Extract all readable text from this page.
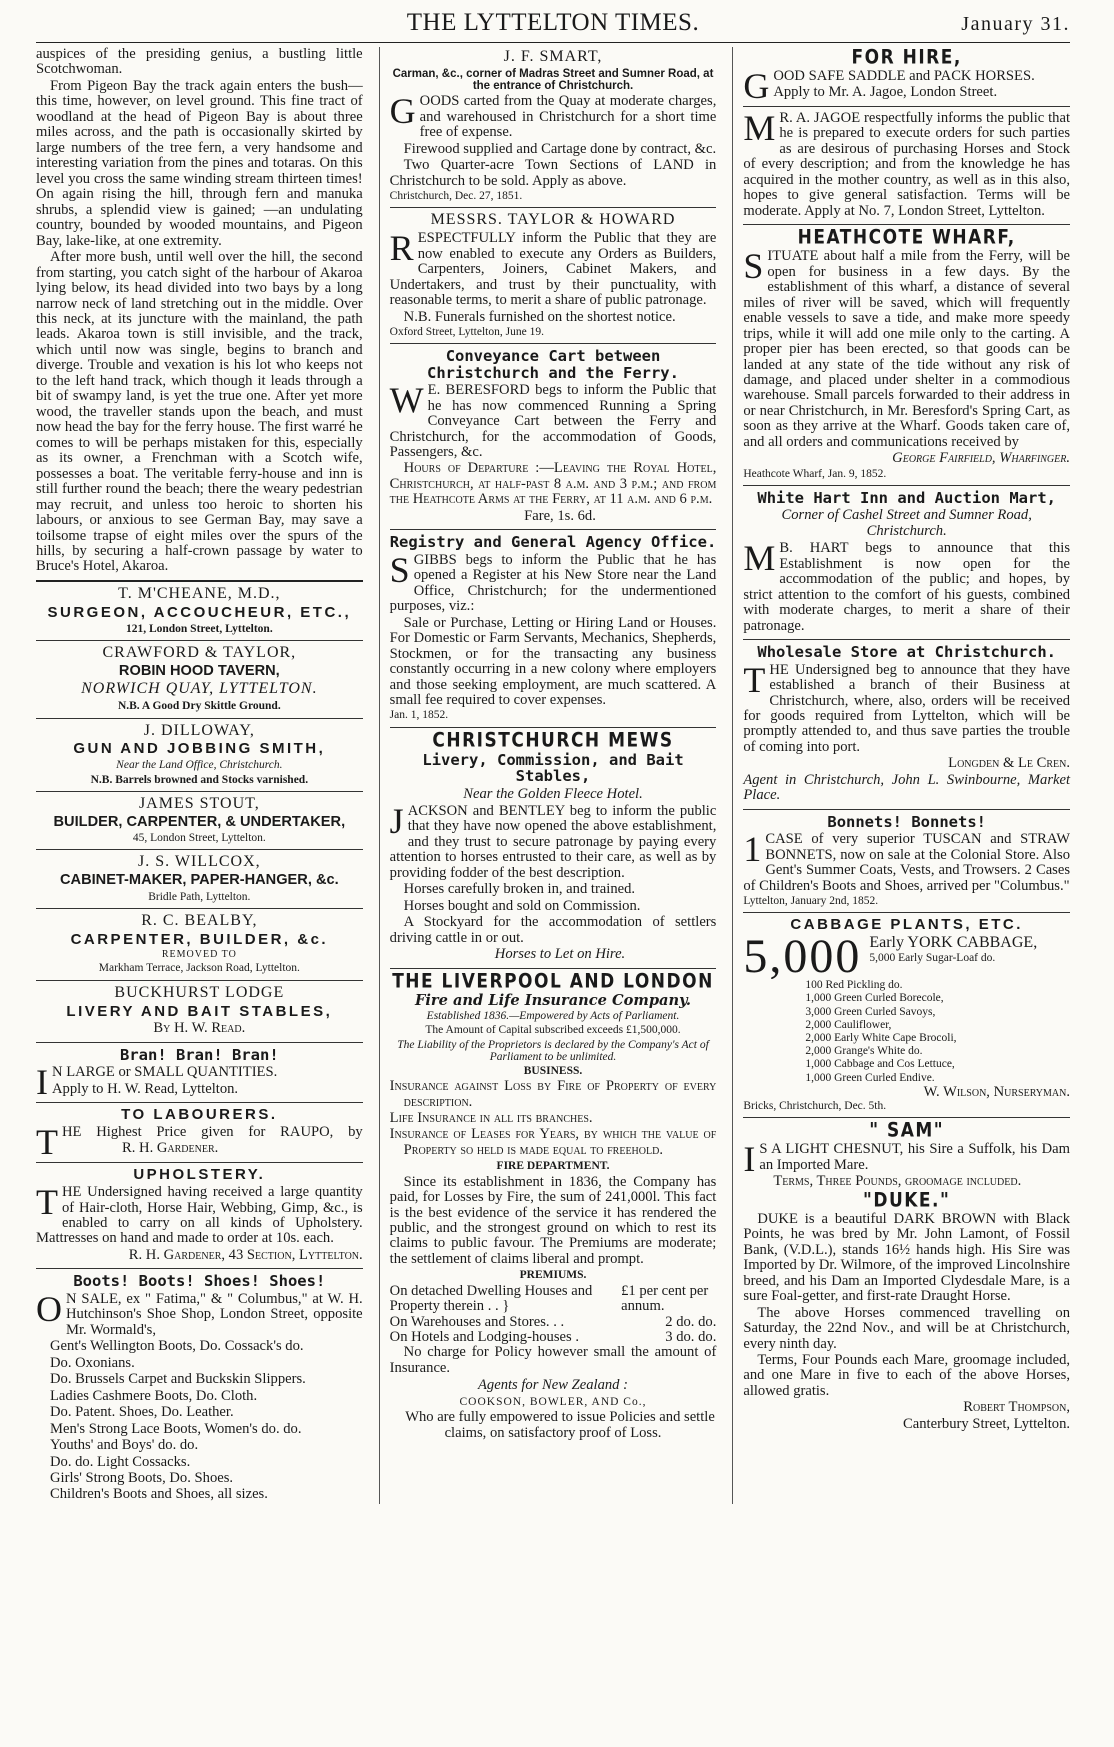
THE LYTTELTON TIMES.	January 31.

auspices of the presiding genius, a bustling little Scotchwoman.

From Pigeon Bay the track again enters the bush—this time, however, on level ground. This fine tract of woodland at the head of Pigeon Bay is about three miles across, and the path is occasionally skirted by large numbers of the tree fern, a very handsome and interesting variation from the pines and totaras. On this level you cross the same winding stream thirteen times! On again rising the hill, through fern and manuka shrubs, a splendid view is gained; —an undulating country, bounded by wooded mountains, and Pigeon Bay, lake-like, at one extremity.

After more bush, until well over the hill, the second from starting, you catch sight of the harbour of Akaroa lying below, its head divided into two bays by a long narrow neck of land stretching out in the middle. Over this neck, at its juncture with the mainland, the path leads. Akaroa town is still invisible, and the track, which until now was single, begins to branch and diverge. Trouble and vexation is his lot who keeps not to the left hand track, which though it leads through a bit of swampy land, is yet the true one. After yet more wood, the traveller stands upon the beach, and must now head the bay for the ferry house. The first warré he comes to will be perhaps mistaken for this, especially as its owner, a Frenchman with a Scotch wife, possesses a boat. The veritable ferry-house and inn is still further round the beach; there the weary pedestrian may recruit, and unless too heroic to shorten his labours, or anxious to see German Bay, may save a toilsome trapse of eight miles over the spurs of the hills, by securing a half-crown passage by water to Bruce's Hotel, Akaroa.

T. M'CHEANE, M.D.,
SURGEON, ACCOUCHEUR, ETC.,
121, London Street, Lyttelton.
CRAWFORD & TAYLOR,
ROBIN HOOD TAVERN,
NORWICH QUAY, LYTTELTON.
N.B. A Good Dry Skittle Ground.
J. DILLOWAY,
GUN AND JOBBING SMITH,
Near the Land Office, Christchurch.
N.B. Barrels browned and Stocks varnished.
JAMES STOUT,
BUILDER, CARPENTER, & UNDERTAKER,
45, London Street, Lyttelton.
J. S. WILLCOX,
CABINET-MAKER, PAPER-HANGER, &c.
Bridle Path, Lyttelton.
R. C. BEALBY,
CARPENTER, BUILDER, &c.
REMOVED TO
Markham Terrace, Jackson Road, Lyttelton.
BUCKHURST LODGE
LIVERY AND BAIT STABLES,
By H. W. Read.
Bran! Bran! Bran!

I N LARGE or SMALL QUANTITIES.

Apply to H. W. Read, Lyttelton.

TO LABOURERS.

THE Highest Price given for RAUPO, by R. H. Gardener.

UPHOLSTERY.

THE Undersigned having received a large quantity of Hair-cloth, Horse Hair, Webbing, Gimp, &c., is enabled to carry on all kinds of Upholstery. Mattresses on hand and made to order at 10s. each.

R. H. Gardener, 43 Section, Lyttelton.

Boots! Boots! Shoes! Shoes!

O N SALE, ex " Fatima," & " Columbus," at W. H. Hutchinson's Shoe Shop, London Street, opposite Mr. Wormald's,

Gent's Wellington Boots, Do. Cossack's do.

Do. Oxonians.

Do. Brussels Carpet and Buckskin Slippers.

Ladies Cashmere Boots, Do. Cloth.

Do. Patent. Shoes, Do. Leather.

Men's Strong Lace Boots, Women's do. do.

Youths' and Boys' do. do.

Do. do. Light Cossacks.

Girls' Strong Boots, Do. Shoes.

Children's Boots and Shoes, all sizes.

J. F. SMART,
Carman, &c., corner of Madras Street and Sumner Road, at the entrance of Christchurch.

GOODS carted from the Quay at moderate charges, and warehoused in Christchurch for a short time free of expense.

Firewood supplied and Cartage done by contract, &c.

Two Quarter-acre Town Sections of LAND in Christchurch to be sold. Apply as above.

Christchurch, Dec. 27, 1851.

MESSRS. TAYLOR & HOWARD

RESPECTFULLY inform the Public that they are now enabled to execute any Orders as Builders, Carpenters, Joiners, Cabinet Makers, and Undertakers, and trust by their punctuality, with reasonable terms, to merit a share of public patronage.

N.B. Funerals furnished on the shortest notice.

Oxford Street, Lyttelton, June 19.

Conveyance Cart between Christchurch and the Ferry.

W E. BERESFORD begs to inform the Public that he has now commenced Running a Spring Conveyance Cart between the Ferry and Christchurch, for the accommodation of Goods, Passengers, &c.

Hours of Departure :—Leaving the Royal Hotel, Christchurch, at half-past 8 a.m. and 3 p.m.; and from the Heathcote Arms at the Ferry, at 11 a.m. and 6 p.m.

Fare, 1s. 6d.

Registry and General Agency Office.

SGIBBS begs to inform the Public that he has opened a Register at his New Store near the Land Office, Christchurch; for the undermentioned purposes, viz.:

Sale or Purchase, Letting or Hiring Land or Houses. For Domestic or Farm Servants, Mechanics, Shepherds, Stockmen, or for the transacting any business constantly occurring in a new colony where employers and those seeking employment, are much scattered. A small fee required to cover expenses.

Jan. 1, 1852.

CHRISTCHURCH MEWS
Livery, Commission, and Bait Stables,
Near the Golden Fleece Hotel.

JACKSON and BENTLEY beg to inform the public that they have now opened the above establishment, and they trust to secure patronage by paying every attention to horses entrusted to their care, as well as by providing fodder of the best description.

Horses carefully broken in, and trained.

Horses bought and sold on Commission.

A Stockyard for the accommodation of settlers driving cattle in or out.

Horses to Let on Hire.

THE LIVERPOOL AND LONDON
Fire and Life Insurance Company.
Established 1836.—Empowered by Acts of Parliament.
The Amount of Capital subscribed exceeds £1,500,000.
The Liability of the Proprietors is declared by the Company's Act of Parliament to be unlimited.
BUSINESS.

Insurance against Loss by Fire of Property of every description.

Life Insurance in all its branches.

Insurance of Leases for Years, by which the value of Property so held is made equal to freehold.

FIRE DEPARTMENT.

Since its establishment in 1836, the Company has paid, for Losses by Fire, the sum of 241,000l. This fact is the best evidence of the service it has rendered the public, and the strongest ground on which to rest its claims to public favour. The Premiums are moderate; the settlement of claims liberal and prompt.

PREMIUMS.
On detached Dwelling Houses and Property therein . . }
£1 per cent per annum.
On Warehouses and Stores. . .	2 do. do.
On Hotels and Lodging-houses .	3 do. do.

No charge for Policy however small the amount of Insurance.

Agents for New Zealand :
COOKSON, BOWLER, AND Co.,

Who are fully empowered to issue Policies and settle claims, on satisfactory proof of Loss.

FOR HIRE,

GOOD SAFE SADDLE and PACK HORSES.

Apply to Mr. A. Jagoe, London Street.

M R. A. JAGOE respectfully informs the public that he is prepared to execute orders for such parties as are desirous of purchasing Horses and Stock of every description; and from the knowledge he has acquired in the mother country, as well as in this also, hopes to give general satisfaction. Terms will be moderate. Apply at No. 7, London Street, Lyttelton.

HEATHCOTE WHARF,

SITUATE about half a mile from the Ferry, will be open for business in a few days. By the establishment of this wharf, a distance of several miles of river will be saved, which will frequently enable vessels to save a tide, and make more speedy trips, while it will add one mile only to the carting. A proper pier has been erected, so that goods can be landed at any state of the tide without any risk of damage, and placed under shelter in a commodious warehouse. Small parcels forwarded to their address in or near Christchurch, in Mr. Beresford's Spring Cart, as soon as they arrive at the Wharf. Goods taken care of, and all orders and communications received by

George Fairfield, Wharfinger.

Heathcote Wharf, Jan. 9, 1852.

White Hart Inn and Auction Mart,
Corner of Cashel Street and Sumner Road, Christchurch.

M B. HART begs to announce that this Establishment is now open for the accommodation of the public; and hopes, by strict attention to the comfort of his guests, combined with moderate charges, to merit a share of their patronage.

Wholesale Store at Christchurch.

THE Undersigned beg to announce that they have established a branch of their Business at Christchurch, where, also, orders will be received for goods required from Lyttelton, which will be promptly attended to, and thus save parties the trouble of coming into port.

Longden & Le Cren.

Agent in Christchurch, John L. Swinbourne, Market Place.

Bonnets! Bonnets!

1 CASE of very superior TUSCAN and STRAW BONNETS, now on sale at the Colonial Store. Also Gent's Summer Coats, Vests, and Trowsers. 2 Cases of Children's Boots and Shoes, arrived per "Columbus."

Lyttelton, January 2nd, 1852.

CABBAGE PLANTS, ETC.
5,000 Early YORK CABBAGE,
5,000 Early Sugar-Loaf do.

100 Red Pickling do.

1,000 Green Curled Borecole,

3,000 Green Curled Savoys,

2,000 Cauliflower,

2,000 Early White Cape Brocoli,

2,000 Grange's White do.

1,000 Cabbage and Cos Lettuce,

1,000 Green Curled Endive.

W. Wilson, Nurseryman.
Bricks, Christchurch, Dec. 5th.
" SAM"

I S A LIGHT CHESNUT, his Sire a Suffolk, his Dam an Imported Mare.

Terms, Three Pounds, groomage included.

"DUKE."

DUKE is a beautiful DARK BROWN with Black Points, he was bred by Mr. John Lamont, of Fossil Bank, (V.D.L.), stands 16½ hands high. His Sire was Imported by Dr. Wilmore, of the improved Lincolnshire breed, and his Dam an Imported Clydesdale Mare, is a sure Foal-getter, and first-rate Draught Horse.

The above Horses commenced travelling on Saturday, the 22nd Nov., and will be at Christchurch, every ninth day.

Terms, Four Pounds each Mare, groomage included, and one Mare in five to each of the above Horses, allowed gratis.

Robert Thompson,

Canterbury Street, Lyttelton.
